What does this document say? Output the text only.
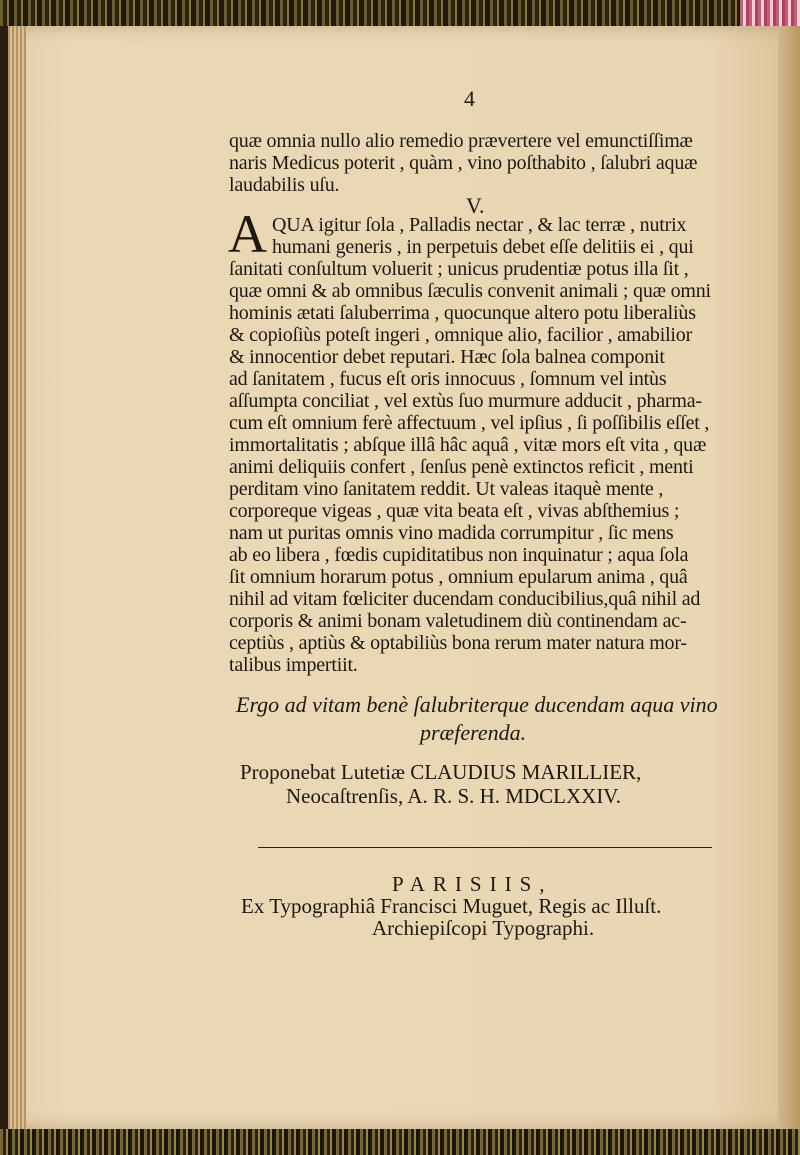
4
quæ omnia nullo alio remedio prævertere vel emunctiſſimæ
naris Medicus poterit , quàm , vino poſthabito , ſalubri aquæ
laudabilis uſu.
V.
A QUA igitur ſola , Palladis nectar , & lac terræ , nutrix
humani generis , in perpetuis debet eſſe delitiis ei , qui
ſanitati conſultum voluerit ; unicus prudentiæ potus illa ſit ,
quæ omni & ab omnibus ſæculis convenit animali ; quæ omni
hominis ætati ſaluberrima , quocunque altero potu liberaliùs
& copioſiùs poteſt ingeri , omnique alio, facilior , amabilior
& innocentior debet reputari. Hæc ſola balnea componit
ad ſanitatem , fucus eſt oris innocuus , ſomnum vel intùs
aſſumpta conciliat , vel extùs ſuo murmure adducit , pharma-
cum eſt omnium ferè affectuum , vel ipſius , ſi poſſibilis eſſet ,
immortalitatis ; abſque illâ hâc aquâ , vitæ mors eſt vita , quæ
animi deliquiis confert , ſenſus penè extinctos reficit , menti
perditam vino ſanitatem reddit. Ut valeas itaquè mente ,
corporeque vigeas , quæ vita beata eſt , vivas abſthemius ;
nam ut puritas omnis vino madida corrumpitur , ſic mens
ab eo libera , fœdis cupiditatibus non inquinatur ; aqua ſola
ſit omnium horarum potus , omnium epularum anima , quâ
nihil ad vitam fœliciter ducendam conducibilius,quâ nihil ad
corporis & animi bonam valetudinem diù continendam ac-
ceptiùs , aptiùs & optabiliùs bona rerum mater natura mor-
talibus impertiit.
Ergo ad vitam benè ſalubriterque ducendam aqua vino
præferenda.
Proponebat Lutetiæ CLAUDIUS MARILLIER,
Neocaſtrenſis, A. R. S. H. MDCLXXIV.
PARISIIS,
Ex Typographiâ Francisci Muguet, Regis ac Illuſt.
Archiepiſcopi Typographi.
